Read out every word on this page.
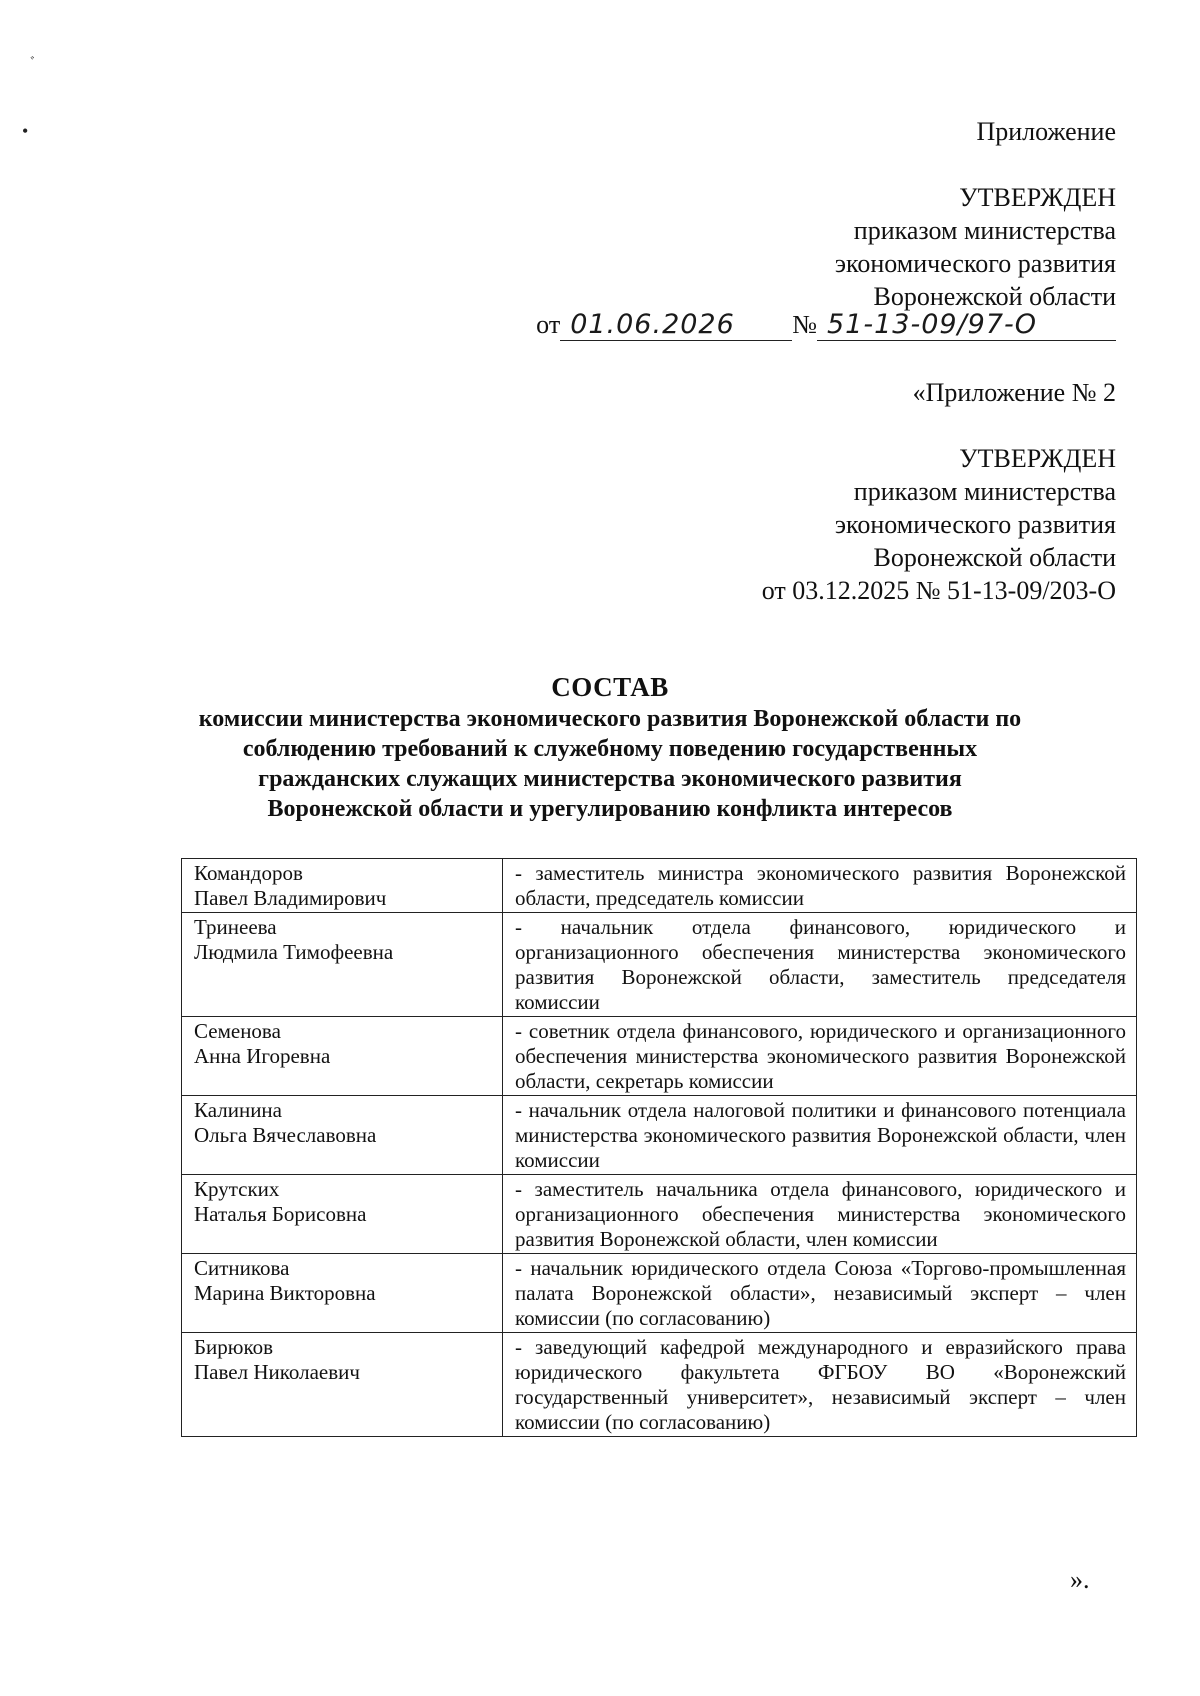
ﾞ
•	Приложение
УТВЕРЖДЕН
приказом министерства
экономического развития
Воронежской области
от 01.06.2026	№ 51-13-09/97-О
«Приложение № 2
УТВЕРЖДЕН
приказом министерства
экономического развития
Воронежской области
от 03.12.2025 № 51-13-09/203-О
СОСТАВ
комиссии министерства экономического развития Воронежской области по
соблюдению требований к служебному поведению государственных
гражданских служащих министерства экономического развития
Воронежской области и урегулированию конфликта интересов
Командоров
Павел Владимирович	- заместитель министра экономического развития Воронежской области, председатель комиссии

Тринеева
Людмила Тимофеевна	- начальник отдела финансового, юридического и организационного обеспечения министерства экономического развития Воронежской области, заместитель председателя комиссии

Семенова
Анна Игоревна	- советник отдела финансового, юридического и организационного обеспечения министерства экономического развития Воронежской области, секретарь комиссии

Калинина
Ольга Вячеславовна	- начальник отдела налоговой политики и финансового потенциала министерства экономического развития Воронежской области, член комиссии

Крутских
Наталья Борисовна	- заместитель начальника отдела финансового, юридического и организационного обеспечения министерства экономического развития Воронежской области, член комиссии

Ситникова
Марина Викторовна	- начальник юридического отдела Союза «Торгово-промышленная палата Воронежской области», независимый эксперт – член комиссии (по согласованию)

Бирюков
Павел Николаевич	- заведующий кафедрой международного и евразийского права юридического факультета ФГБОУ ВО «Воронежский государственный университет», независимый эксперт – член комиссии (по согласованию)
».
